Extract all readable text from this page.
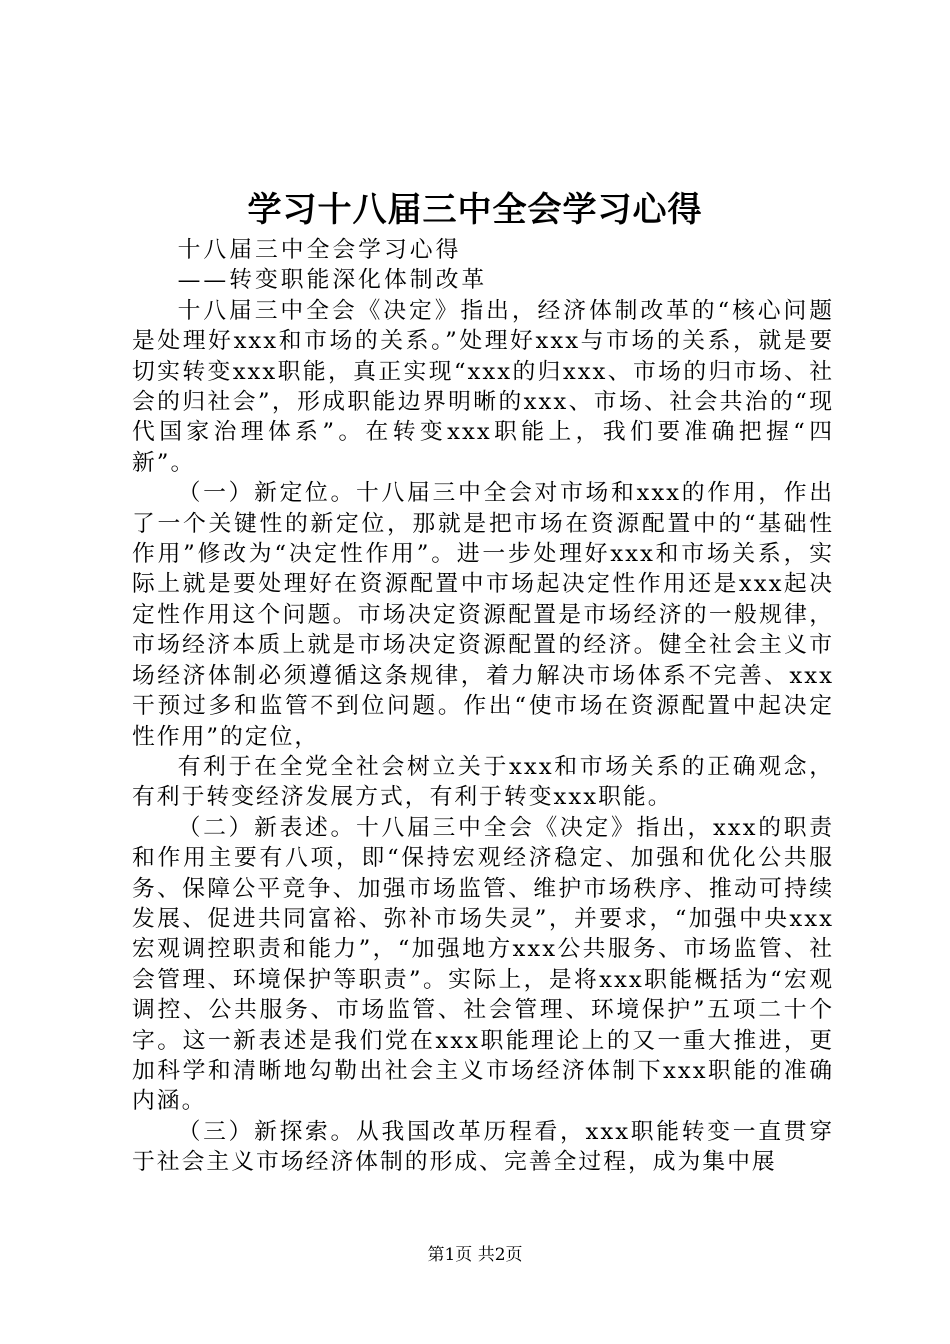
学习十八届三中全会学习心得

十八届三中全会学习心得

——转变职能深化体制改革

十八届三中全会《决定》指出，经济体制改革的“核心问题是处理好xxx和市场的关系。”处理好xxx与市场的关系，就是要切实转变xxx职能，真正实现“xxx的归xxx、市场的归市场、社会的归社会”，形成职能边界明晰的xxx、市场、社会共治的“现代国家治理体系”。在转变xxx职能上，我们要准确把握“四新”。

（一）新定位。十八届三中全会对市场和xxx的作用，作出了一个关键性的新定位，那就是把市场在资源配置中的“基础性作用”修改为“决定性作用”。进一步处理好xxx和市场关系，实际上就是要处理好在资源配置中市场起决定性作用还是xxx起决定性作用这个问题。市场决定资源配置是市场经济的一般规律，市场经济本质上就是市场决定资源配置的经济。健全社会主义市场经济体制必须遵循这条规律，着力解决市场体系不完善、xxx干预过多和监管不到位问题。作出“使市场在资源配置中起决定性作用”的定位，

有利于在全党全社会树立关于xxx和市场关系的正确观念，有利于转变经济发展方式，有利于转变xxx职能。

（二）新表述。十八届三中全会《决定》指出，xxx的职责和作用主要有八项，即“保持宏观经济稳定、加强和优化公共服务、保障公平竞争、加强市场监管、维护市场秩序、推动可持续发展、促进共同富裕、弥补市场失灵”，并要求，“加强中央xxx宏观调控职责和能力”，“加强地方xxx公共服务、市场监管、社会管理、环境保护等职责”。实际上，是将xxx职能概括为“宏观调控、公共服务、市场监管、社会管理、环境保护”五项二十个字。这一新表述是我们党在xxx职能理论上的又一重大推进，更加科学和清晰地勾勒出社会主义市场经济体制下xxx职能的准确内涵。

（三）新探索。从我国改革历程看，xxx职能转变一直贯穿于社会主义市场经济体制的形成、完善全过程，成为集中展

第1页 共2页
